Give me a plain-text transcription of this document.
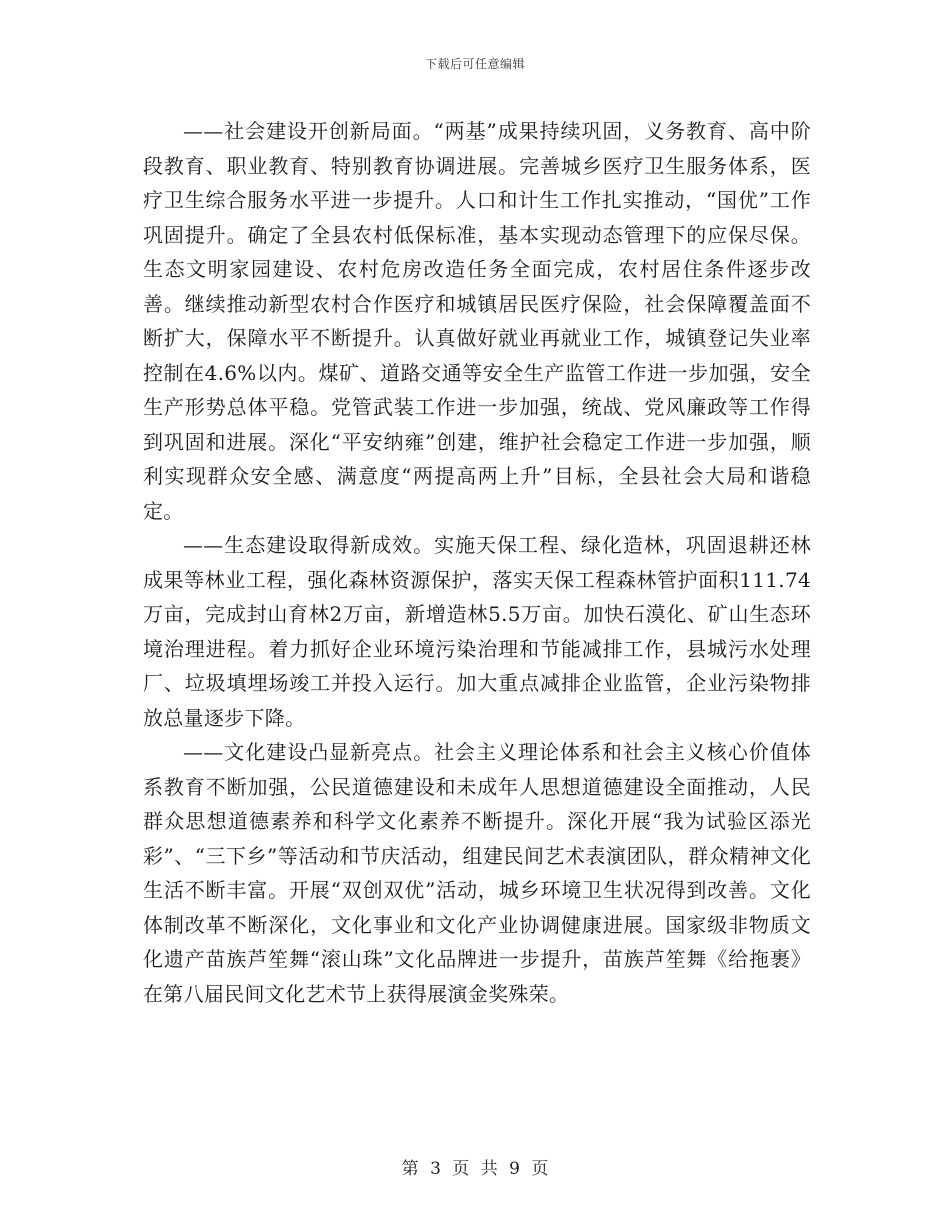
下载后可任意编辑

——社会建设开创新局面。“两基”成果持续巩固，义务教育、高中阶段教育、职业教育、特别教育协调进展。完善城乡医疗卫生服务体系，医疗卫生综合服务水平进一步提升。人口和计生工作扎实推动，“国优”工作巩固提升。确定了全县农村低保标准，基本实现动态管理下的应保尽保。生态文明家园建设、农村危房改造任务全面完成，农村居住条件逐步改善。继续推动新型农村合作医疗和城镇居民医疗保险，社会保障覆盖面不断扩大，保障水平不断提升。认真做好就业再就业工作，城镇登记失业率控制在4.6%以内。煤矿、道路交通等安全生产监管工作进一步加强，安全生产形势总体平稳。党管武装工作进一步加强，统战、党风廉政等工作得到巩固和进展。深化“平安纳雍”创建，维护社会稳定工作进一步加强，顺利实现群众安全感、满意度“两提高两上升”目标，全县社会大局和谐稳定。

——生态建设取得新成效。实施天保工程、绿化造林，巩固退耕还林成果等林业工程，强化森林资源保护，落实天保工程森林管护面积111.74万亩，完成封山育林2万亩，新增造林5.5万亩。加快石漠化、矿山生态环境治理进程。着力抓好企业环境污染治理和节能减排工作，县城污水处理厂、垃圾填埋场竣工并投入运行。加大重点减排企业监管，企业污染物排放总量逐步下降。

——文化建设凸显新亮点。社会主义理论体系和社会主义核心价值体系教育不断加强，公民道德建设和未成年人思想道德建设全面推动，人民群众思想道德素养和科学文化素养不断提升。深化开展“我为试验区添光彩”、“三下乡”等活动和节庆活动，组建民间艺术表演团队，群众精神文化生活不断丰富。开展“双创双优”活动，城乡环境卫生状况得到改善。文化体制改革不断深化，文化事业和文化产业协调健康进展。国家级非物质文化遗产苗族芦笙舞“滚山珠”文化品牌进一步提升，苗族芦笙舞《给拖裹》在第八届民间文化艺术节上获得展演金奖殊荣。

第 3 页 共 9 页
